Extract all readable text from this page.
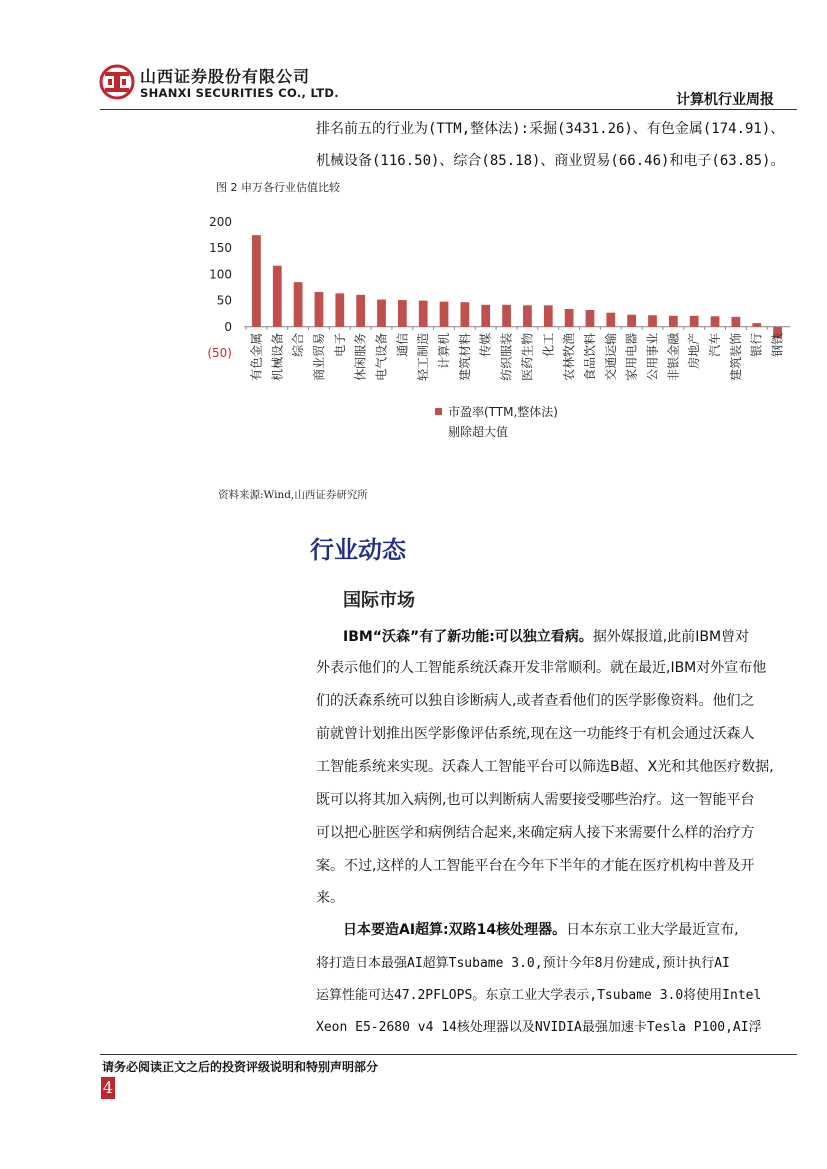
山西证券股份有限公司
SHANXI SECURITIES CO., LTD.	计算机行业周报
排名前五的行业为(TTM,整体法):采掘(3431.26)、有色金属(174.91)、
机械设备(116.50)、综合(85.18)、商业贸易(66.46)和电子(63.85)。
图 2 申万各行业估值比较
200
150
100
50
0
(50) 有色金属 机械设备 综合 商业贸易 电子 休闲服务 电气设备 通信 轻工制造 计算机 建筑材料 传媒 纺织服装 医药生物 化工 农林牧渔 食品饮料 交通运输 家用电器 公用事业 非银金融 房地产 汽车 建筑装饰 银行 钢铁
市盈率(TTM,整体法)
剔除超大值
资料来源:Wind,山西证券研究所
行业动态
国际市场
IBM“沃森”有了新功能:可以独立看病。据外媒报道,此前IBM曾对
外表示他们的人工智能系统沃森开发非常顺利。就在最近,IBM对外宣布他
们的沃森系统可以独自诊断病人,或者查看他们的医学影像资料。他们之
前就曾计划推出医学影像评估系统,现在这一功能终于有机会通过沃森人
工智能系统来实现。沃森人工智能平台可以筛选B超、X光和其他医疗数据,
既可以将其加入病例,也可以判断病人需要接受哪些治疗。这一智能平台
可以把心脏医学和病例结合起来,来确定病人接下来需要什么样的治疗方
案。不过,这样的人工智能平台在今年下半年的才能在医疗机构中普及开
来。
日本要造AI超算:双路14核处理器。日本东京工业大学最近宣布,
将打造日本最强AI超算Tsubame 3.0,预计今年8月份建成,预计执行AI
运算性能可达47.2PFLOPS。东京工业大学表示,Tsubame 3.0将使用Intel
Xeon E5-2680 v4 14核处理器以及NVIDIA最强加速卡Tesla P100,AI浮
请务必阅读正文之后的投资评级说明和特别声明部分
4
